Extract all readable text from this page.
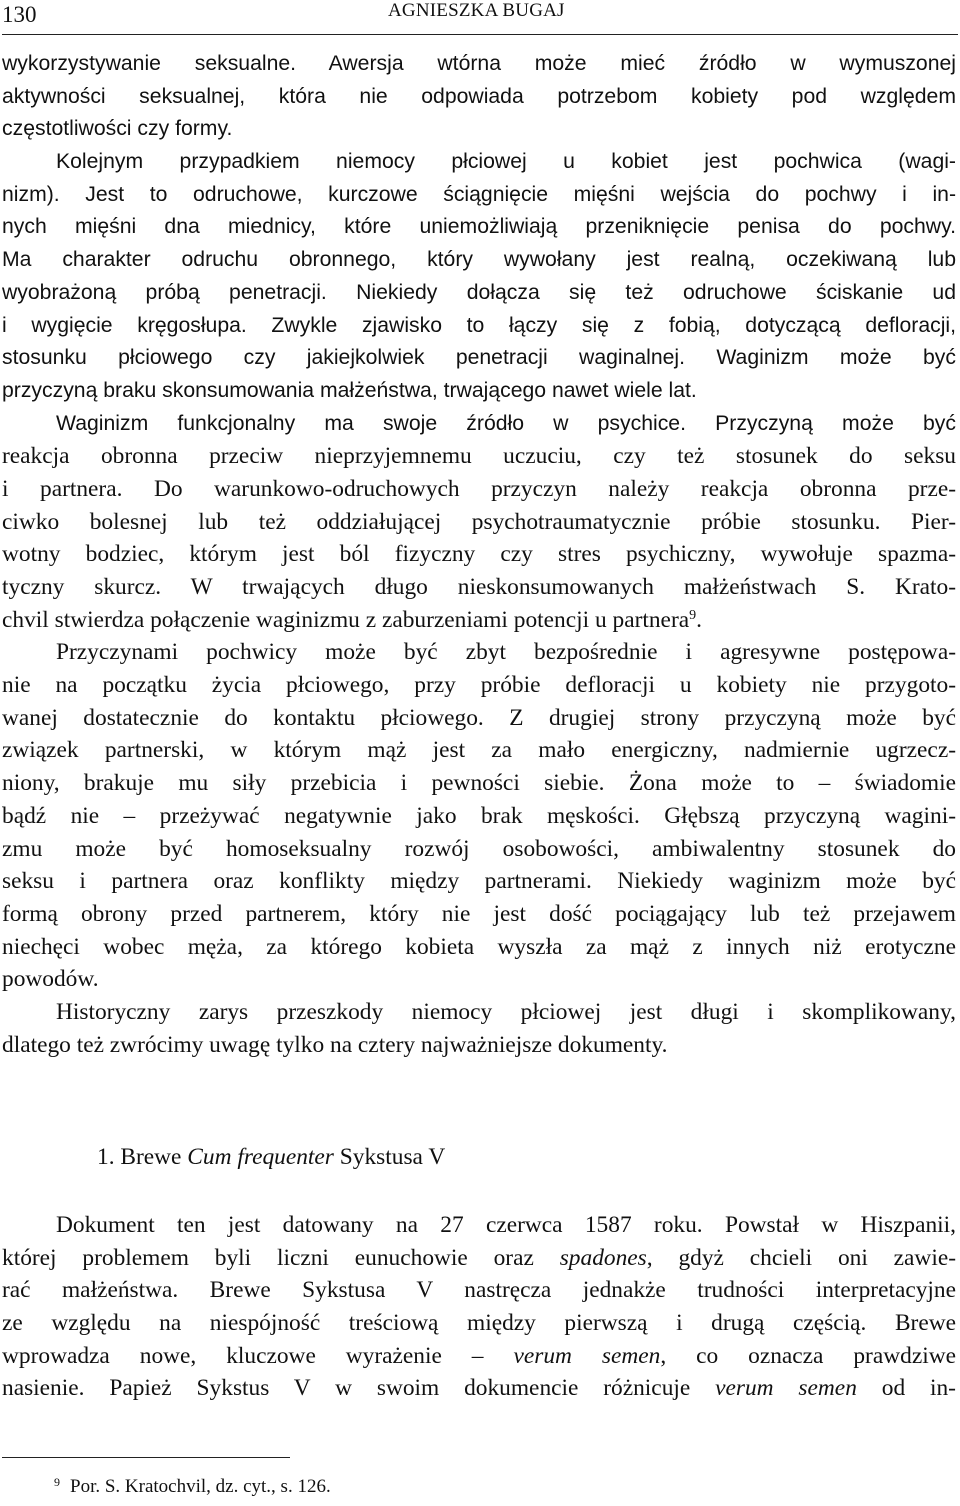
130	AGNIESZKA BUGAJ
wykorzystywanie seksualne. Awersja wtórna może mieć źródło w wymuszonej
aktywności seksualnej, która nie odpowiada potrzebom kobiety pod względem
częstotliwości czy formy.
Kolejnym przypadkiem niemocy płciowej u kobiet jest pochwica (wagi-
nizm). Jest to odruchowe, kurczowe ściągnięcie mięśni wejścia do pochwy i in-
nych mięśni dna miednicy, które uniemożliwiają przeniknięcie penisa do pochwy.
Ma charakter odruchu obronnego, który wywołany jest realną, oczekiwaną lub
wyobrażoną próbą penetracji. Niekiedy dołącza się też odruchowe ściskanie ud
i wygięcie kręgosłupa. Zwykle zjawisko to łączy się z fobią, dotyczącą defloracji,
stosunku płciowego czy jakiejkolwiek penetracji waginalnej. Waginizm może być
przyczyną braku skonsumowania małżeństwa, trwającego nawet wiele lat.
Waginizm funkcjonalny ma swoje źródło w psychice. Przyczyną może być
reakcja obronna przeciw nieprzyjemnemu uczuciu, czy też stosunek do seksu
i partnera. Do warunkowo-odruchowych przyczyn należy reakcja obronna prze-
ciwko bolesnej lub też oddziałującej psychotraumatycznie próbie stosunku. Pier-
wotny bodziec, którym jest ból fizyczny czy stres psychiczny, wywołuje spazma-
tyczny skurcz. W trwających długo nieskonsumowanych małżeństwach S. Krato-
chvil stwierdza połączenie waginizmu z zaburzeniami potencji u partnera$^9$.
Przyczynami pochwicy może być zbyt bezpośrednie i agresywne postępowa-
nie na początku życia płciowego, przy próbie defloracji u kobiety nie przygoto-
wanej dostatecznie do kontaktu płciowego. Z drugiej strony przyczyną może być
związek partnerski, w którym mąż jest za mało energiczny, nadmiernie ugrzecz-
niony, brakuje mu siły przebicia i pewności siebie. Żona może to – świadomie
bądź nie – przeżywać negatywnie jako brak męskości. Głębszą przyczyną wagini-
zmu może być homoseksualny rozwój osobowości, ambiwalentny stosunek do
seksu i partnera oraz konflikty między partnerami. Niekiedy waginizm może być
formą obrony przed partnerem, który nie jest dość pociągający lub też przejawem
niechęci wobec męża, za którego kobieta wyszła za mąż z innych niż erotyczne
powodów.
Historyczny zarys przeszkody niemocy płciowej jest długi i skomplikowany,
dlatego też zwrócimy uwagę tylko na cztery najważniejsze dokumenty.
1. Brewe Cum frequenter Sykstusa V
Dokument ten jest datowany na 27 czerwca 1587 roku. Powstał w Hiszpanii,
której problemem byli liczni eunuchowie oraz spadones, gdyż chcieli oni zawie-
rać małżeństwa. Brewe Sykstusa V nastręcza jednakże trudności interpretacyjne
ze względu na niespójność treściową między pierwszą i drugą częścią. Brewe
wprowadza nowe, kluczowe wyrażenie – verum semen, co oznacza prawdziwe
nasienie. Papież Sykstus V w swoim dokumencie różnicuje verum semen od in-
$^9$ Por. S. Kratochvil, dz. cyt., s. 126.
